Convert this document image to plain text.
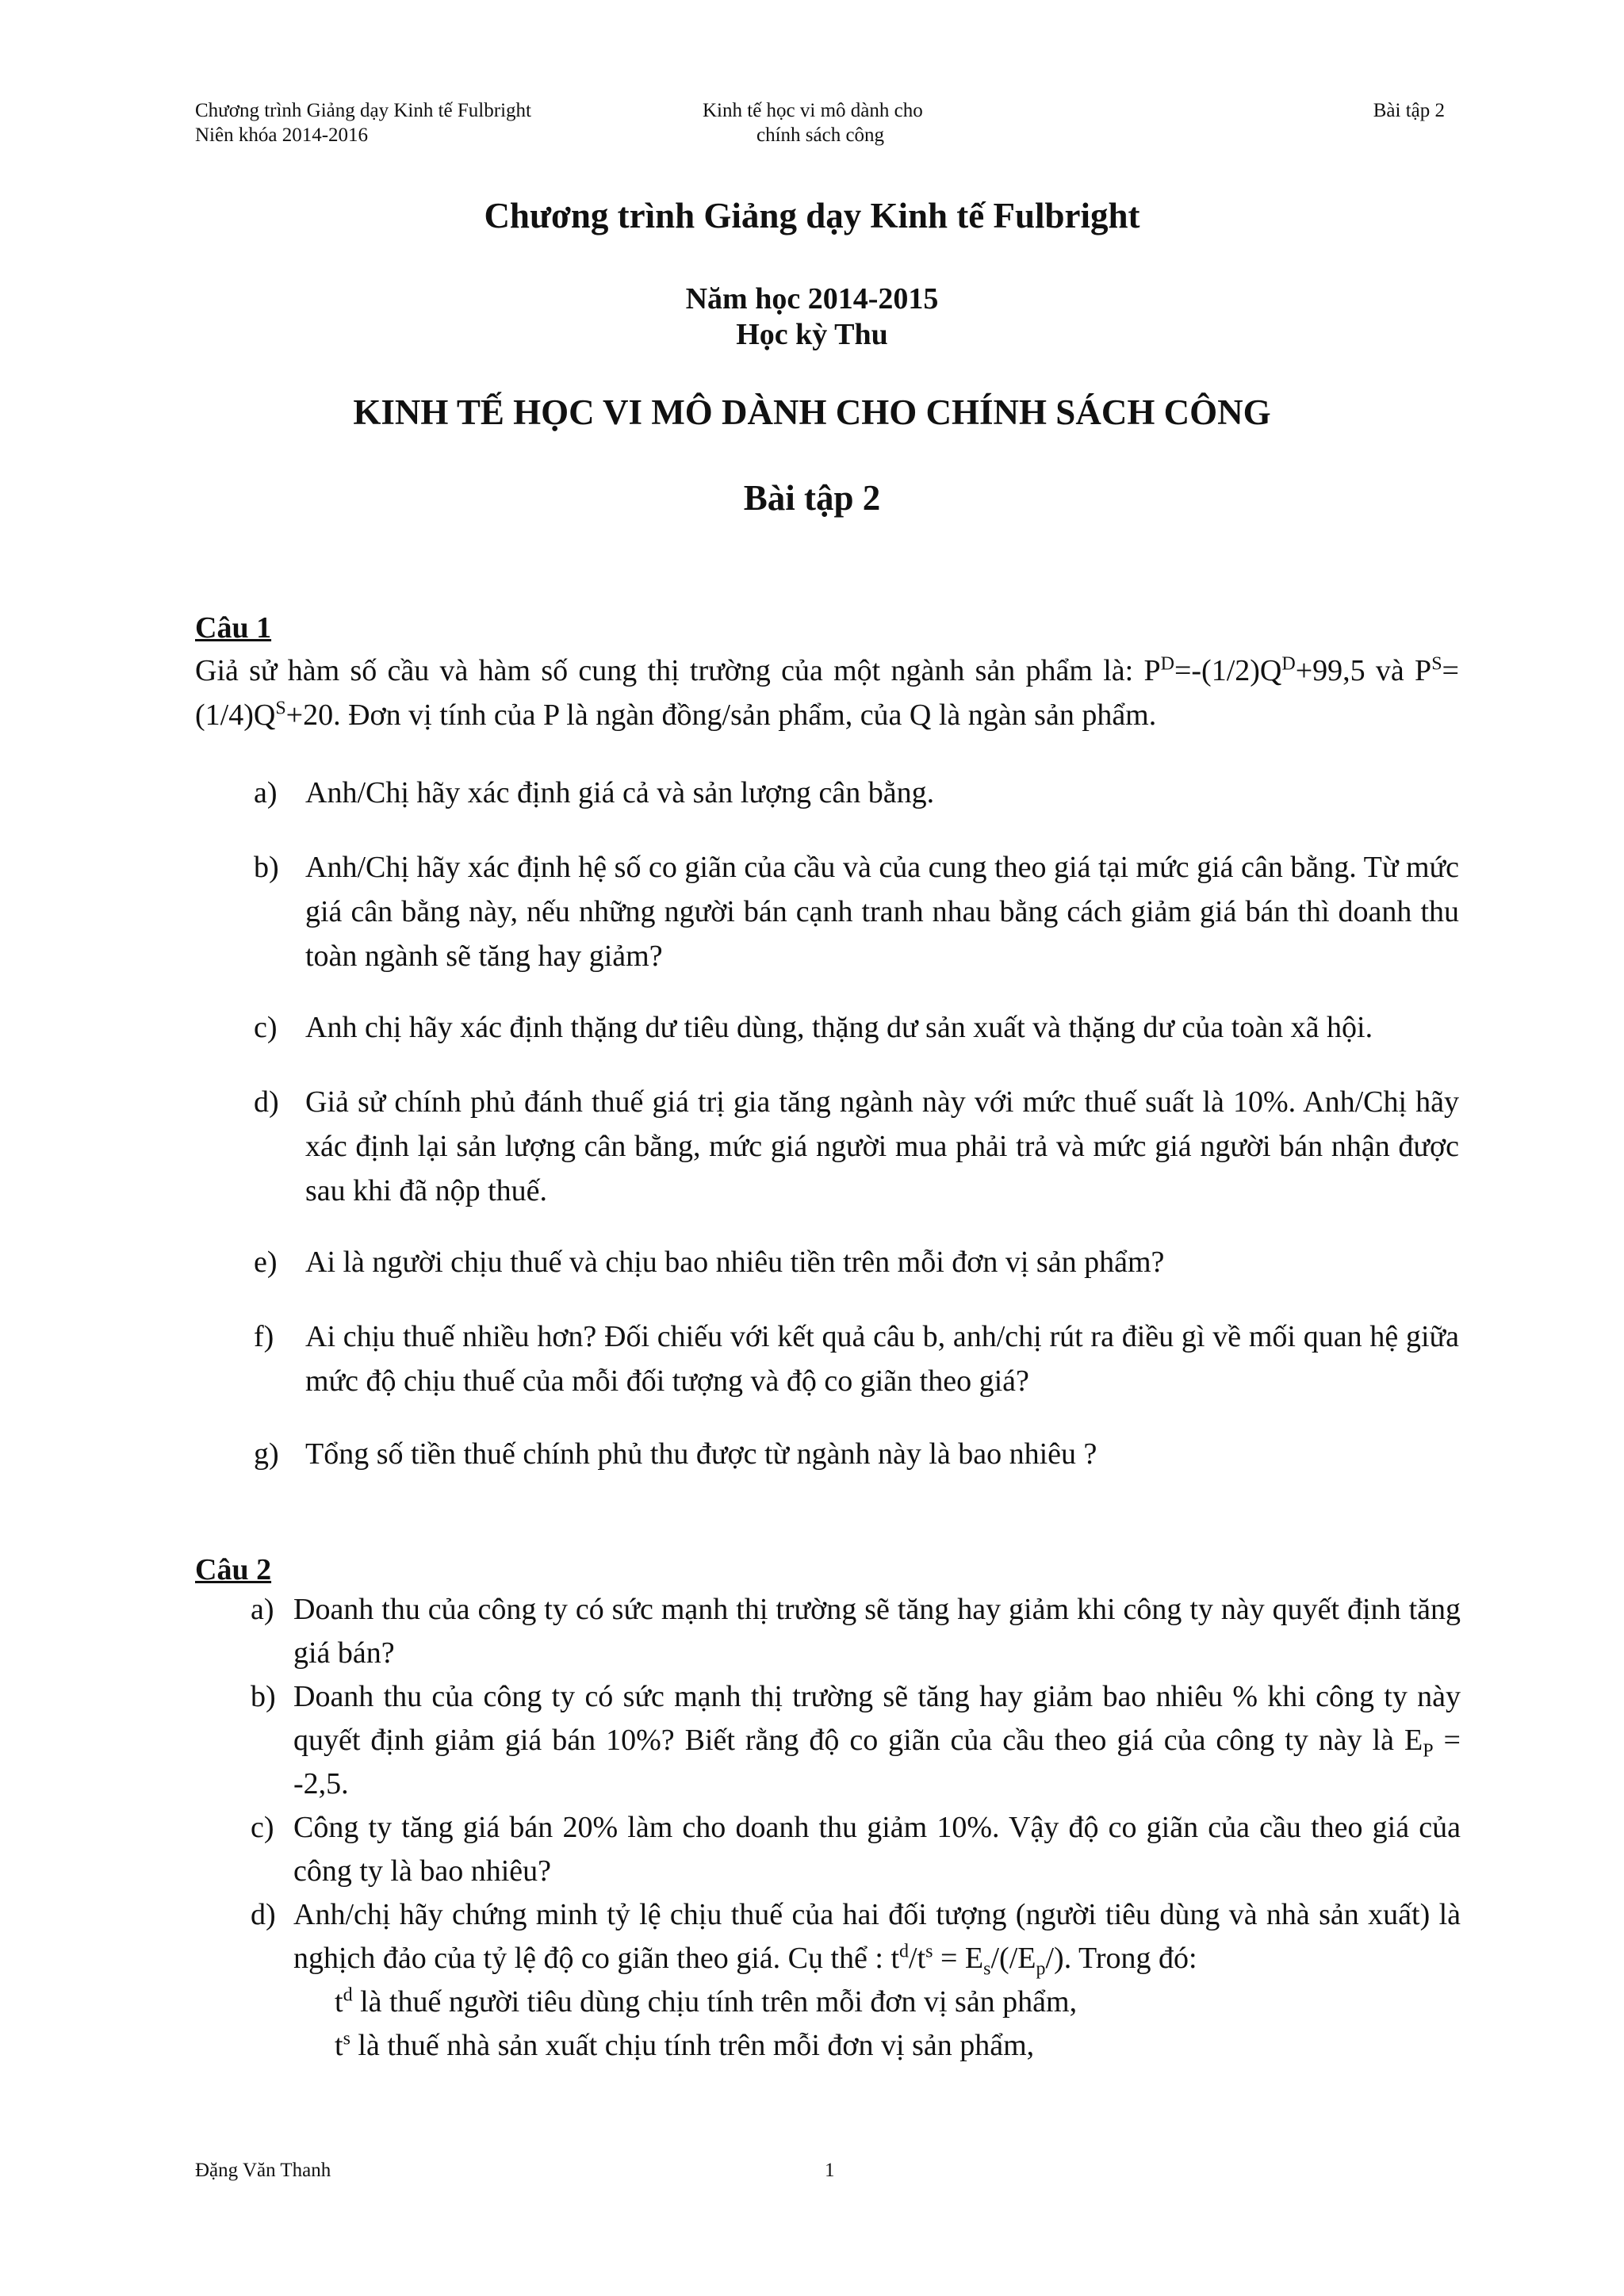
Chương trình Giảng dạy Kinh tế Fulbright
Niên khóa 2014-2016
Kinh tế học vi mô dành cho
chính sách công
Bài tập 2
Chương trình Giảng dạy Kinh tế Fulbright
Năm học 2014-2015
Học kỳ Thu
KINH TẾ HỌC VI MÔ DÀNH CHO CHÍNH SÁCH CÔNG
Bài tập 2
Câu 1
Giả sử hàm số cầu và hàm số cung thị trường của một ngành sản phẩm là: $P^D=-(1/2)Q^D+99,5$ và $P^S= (1/4)Q^S+20$. Đơn vị tính của P là ngàn đồng/sản phẩm, của Q là ngàn sản phẩm.
a) Anh/Chị hãy xác định giá cả và sản lượng cân bằng.
b) Anh/Chị hãy xác định hệ số co giãn của cầu và của cung theo giá tại mức giá cân bằng. Từ mức giá cân bằng này, nếu những người bán cạnh tranh nhau bằng cách giảm giá bán thì doanh thu toàn ngành sẽ tăng hay giảm?
c) Anh chị hãy xác định thặng dư tiêu dùng, thặng dư sản xuất và thặng dư của toàn xã hội.
d) Giả sử chính phủ đánh thuế giá trị gia tăng ngành này với mức thuế suất là 10%. Anh/Chị hãy xác định lại sản lượng cân bằng, mức giá người mua phải trả và mức giá người bán nhận được sau khi đã nộp thuế.
e) Ai là người chịu thuế và chịu bao nhiêu tiền trên mỗi đơn vị sản phẩm?
f) Ai chịu thuế nhiều hơn? Đối chiếu với kết quả câu b, anh/chị rút ra điều gì về mối quan hệ giữa mức độ chịu thuế của mỗi đối tượng và độ co giãn theo giá?
g) Tổng số tiền thuế chính phủ thu được từ ngành này là bao nhiêu ?
Câu 2
a) Doanh thu của công ty có sức mạnh thị trường sẽ tăng hay giảm khi công ty này quyết định tăng giá bán?
b) Doanh thu của công ty có sức mạnh thị trường sẽ tăng hay giảm bao nhiêu % khi công ty này quyết định giảm giá bán 10%? Biết rằng độ co giãn của cầu theo giá của công ty này là $E_P = -2,5$.
c) Công ty tăng giá bán 20% làm cho doanh thu giảm 10%. Vậy độ co giãn của cầu theo giá của công ty là bao nhiêu?
d) Anh/chị hãy chứng minh tỷ lệ chịu thuế của hai đối tượng (người tiêu dùng và nhà sản xuất) là nghịch đảo của tỷ lệ độ co giãn theo giá. Cụ thể : $t^d/t^s = E_s/(/E_p/)$. Trong đó:
$t^d$ là thuế người tiêu dùng chịu tính trên mỗi đơn vị sản phẩm,
$t^s$ là thuế nhà sản xuất chịu tính trên mỗi đơn vị sản phẩm,
Đặng Văn Thanh	1
